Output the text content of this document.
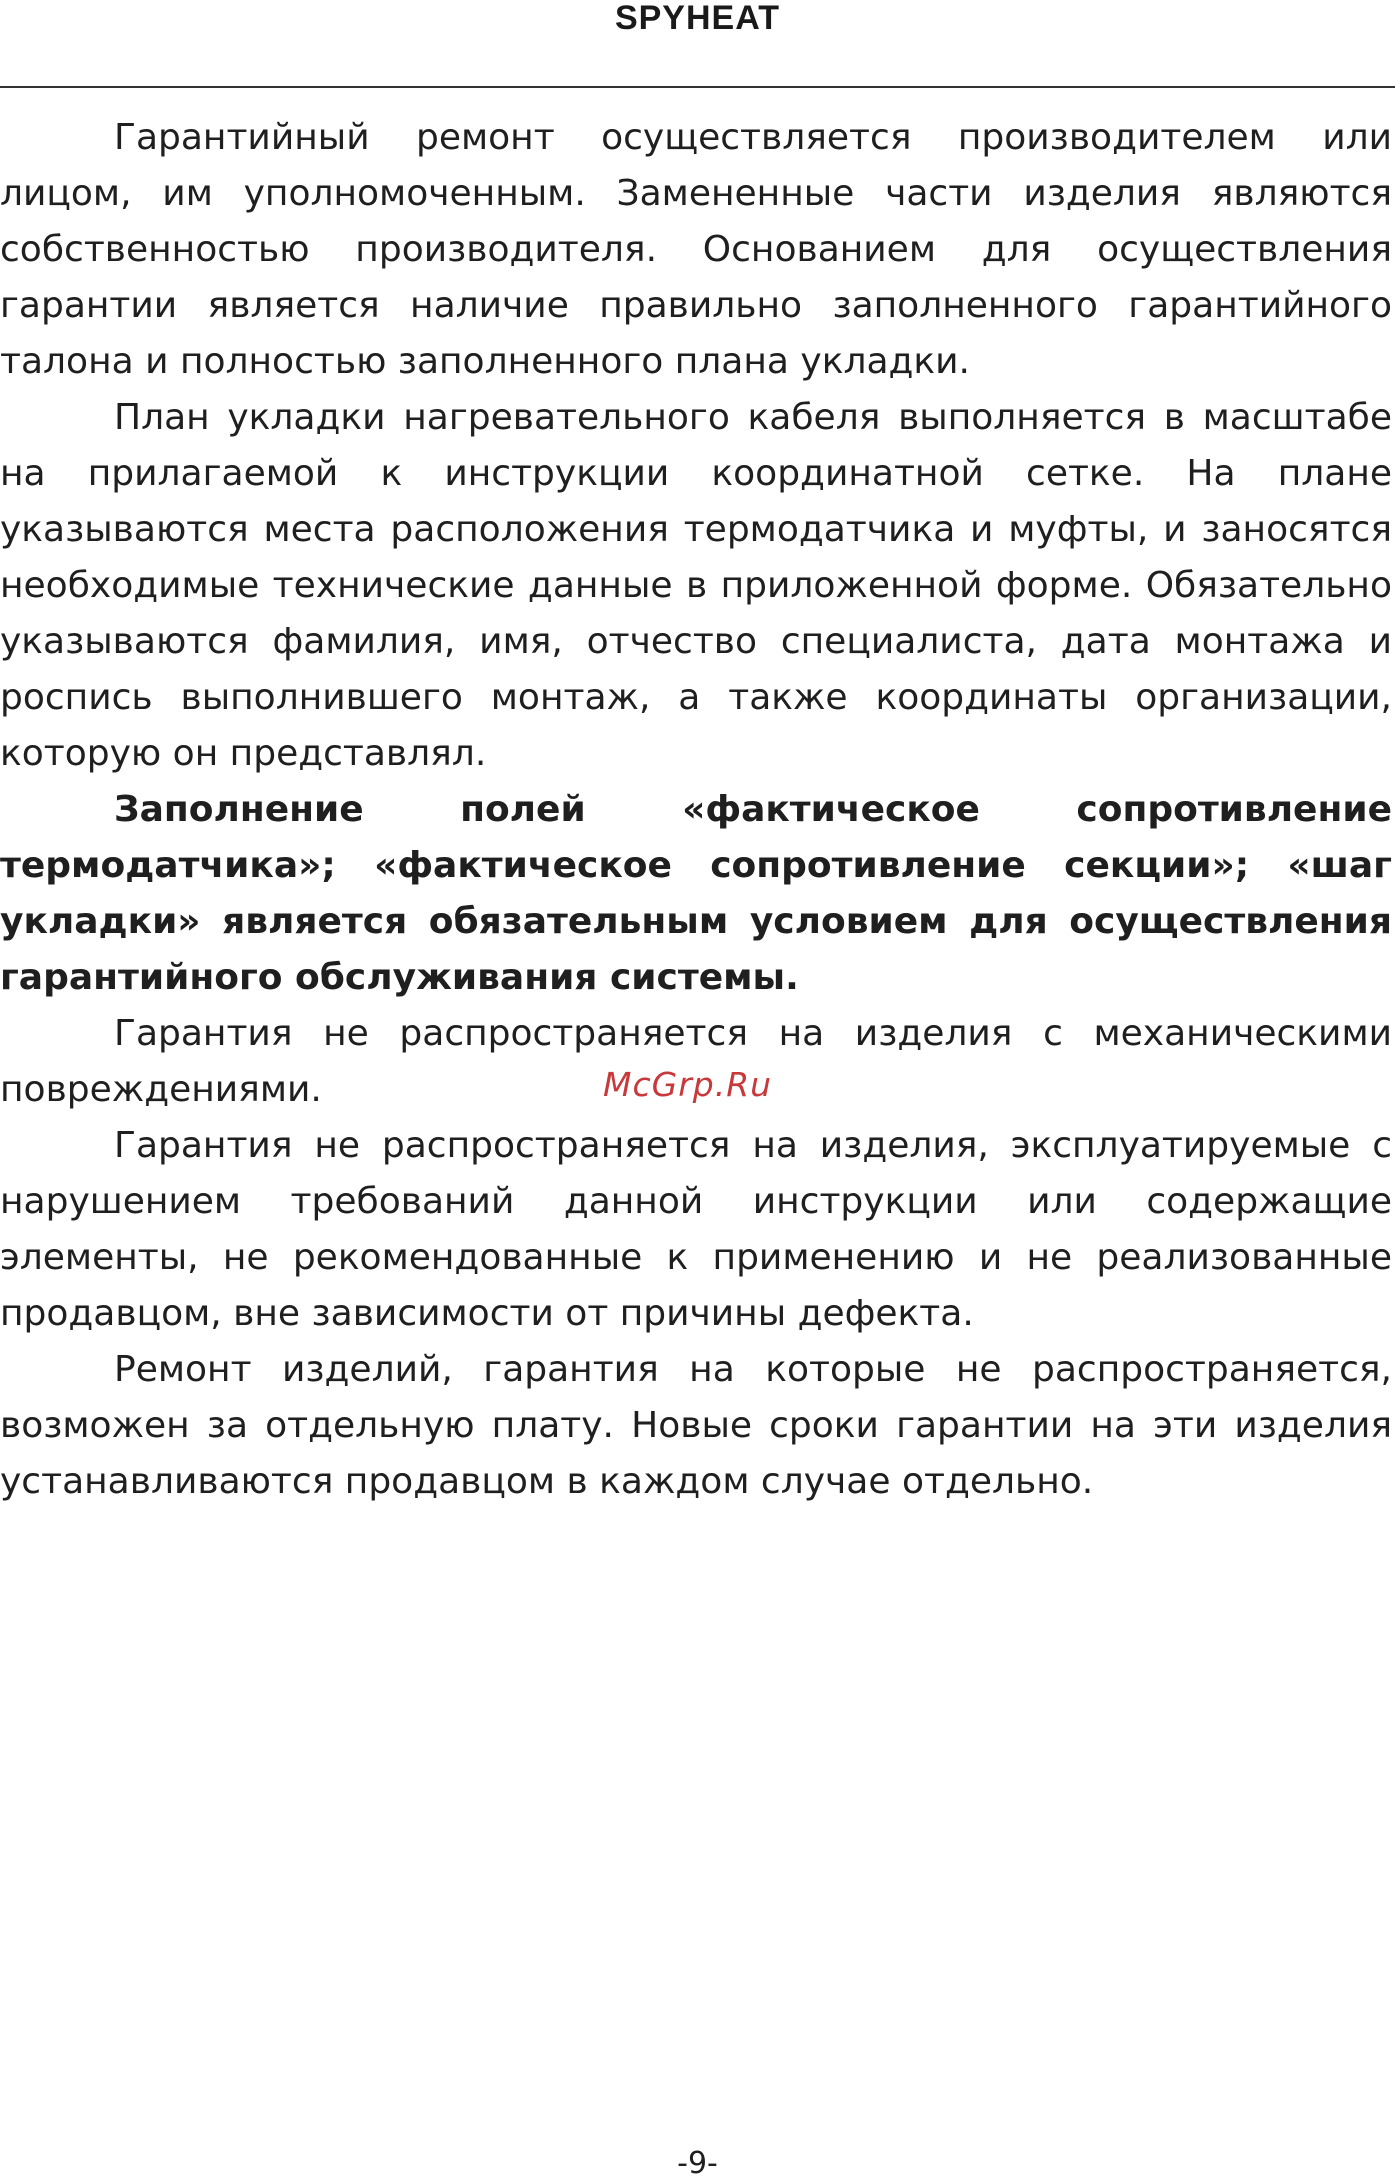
SPYHEAT

Гарантийный ремонт осуществляется производителем или лицом, им уполномоченным. Замененные части изделия являются собственностью производителя. Основанием для осуществления гарантии является наличие правильно заполненного гарантийного талона и полностью заполненного плана укладки.

План укладки нагревательного кабеля выполняется в масштабе на прилагаемой к инструкции координатной сетке. На плане указываются места расположения термодатчика и муфты, и заносятся необходимые технические данные в приложенной форме. Обязательно указываются фамилия, имя, отчество специалиста, дата монтажа и роспись выполнившего монтаж, а также координаты организации, которую он представлял.

Заполнение полей «фактическое сопротивление термодатчика»; «фактическое сопротивление секции»; «шаг укладки» является обязательным условием для осуществления гарантийного обслуживания системы.

Гарантия не распространяется на изделия с механическими повреждениями.

Гарантия не распространяется на изделия, эксплуатируемые с нарушением требований данной инструкции или содержащие элементы, не рекомендованные к применению и не реализованные продавцом, вне зависимости от причины дефекта.

Ремонт изделий, гарантия на которые не распространяется, возможен за отдельную плату. Новые сроки гарантии на эти изделия устанавливаются продавцом в каждом случае отдельно.

McGrp.Ru
-9-
